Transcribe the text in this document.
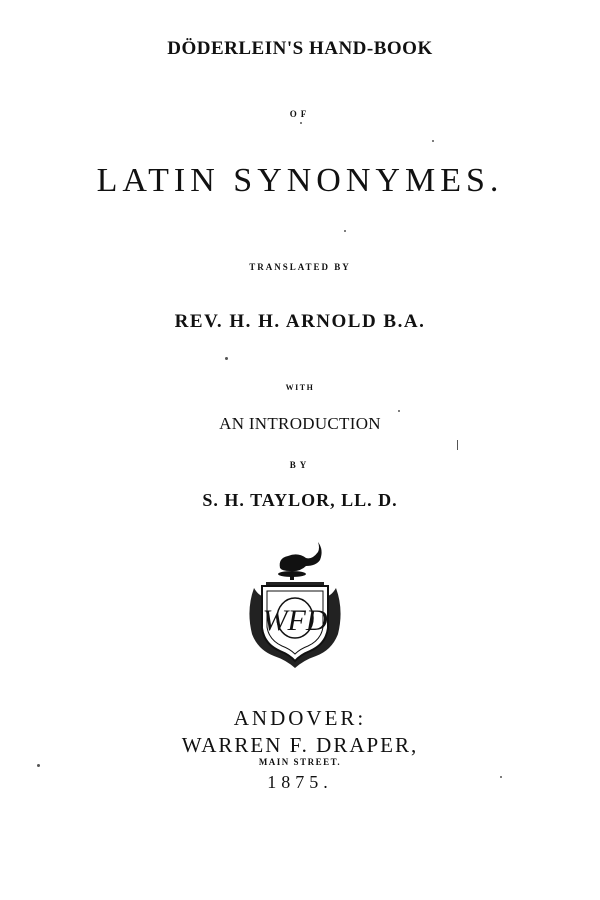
DÖDERLEIN'S HAND-BOOK
OF
LATIN SYNONYMES.
TRANSLATED BY
REV. H. H. ARNOLD B.A.
WITH
AN INTRODUCTION
BY
S. H. TAYLOR, LL. D.
WFD
ANDOVER:
WARREN F. DRAPER,
MAIN STREET.
1875.
